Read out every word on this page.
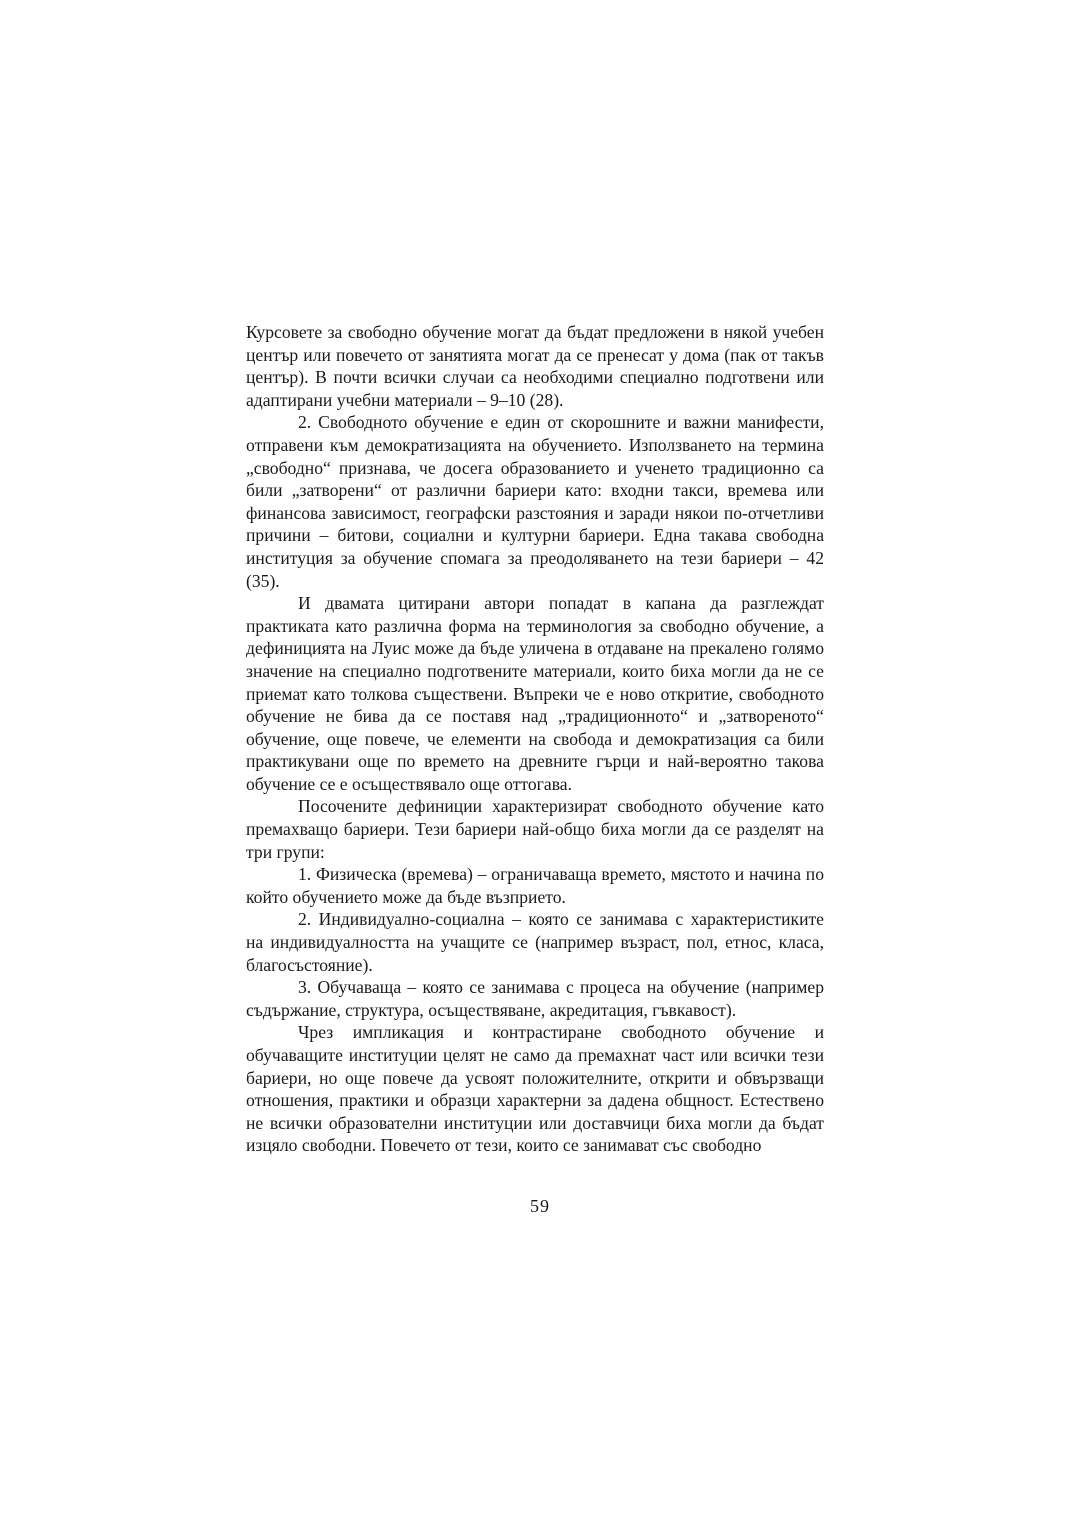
Курсовете за свободно обучение могат да бъдат предложени в някой учебен център или повечето от занятията могат да се пренесат у дома (пак от такъв център). В почти всички случаи са необходими специално подготвени или адаптирани учебни материали – 9–10 (28).

2. Свободното обучение е един от скорошните и важни манифести, отправени към демократизацията на обучението. Използването на термина „свободно“ признава, че досега образованието и ученето традиционно са били „затворени“ от различни бариери като: входни такси, времева или финансова зависимост, географски разстояния и заради някои по-отчетливи причини – битови, социални и културни бариери. Една такава свободна институция за обучение спомага за преодоляването на тези бариери – 42 (35).

И двамата цитирани автори попадат в капана да разглеждат практиката като различна форма на терминология за свободно обучение, а дефиницията на Луис може да бъде уличена в отдаване на прекалено голямо значение на специално подготвените материали, които биха могли да не се приемат като толкова съществени. Въпреки че е ново откритие, свободното обучение не бива да се поставя над „традиционното“ и „затвореното“ обучение, още повече, че елементи на свобода и демократизация са били практикувани още по времето на древните гърци и най-вероятно такова обучение се е осъществявало още оттогава.

Посочените дефиниции характеризират свободното обучение като премахващо бариери. Тези бариери най-общо биха могли да се разделят на три групи:

1. Физическа (времева) – ограничаваща времето, мястото и начина по който обучението може да бъде възприето.

2. Индивидуално-социална – която се занимава с характеристиките на индивидуалността на учащите се (например възраст, пол, етнос, класа, благосъстояние).

3. Обучаваща – която се занимава с процеса на обучение (например съдържание, структура, осъществяване, акредитация, гъвкавост).

Чрез импликация и контрастиране свободното обучение и обучаващите институции целят не само да премахнат част или всички тези бариери, но още повече да усвоят положителните, открити и обвързващи отношения, практики и образци характерни за дадена общност. Естествено не всички образователни институции или доставчици биха могли да бъдат изцяло свободни. Повечето от тези, които се занимават със свободно

59
